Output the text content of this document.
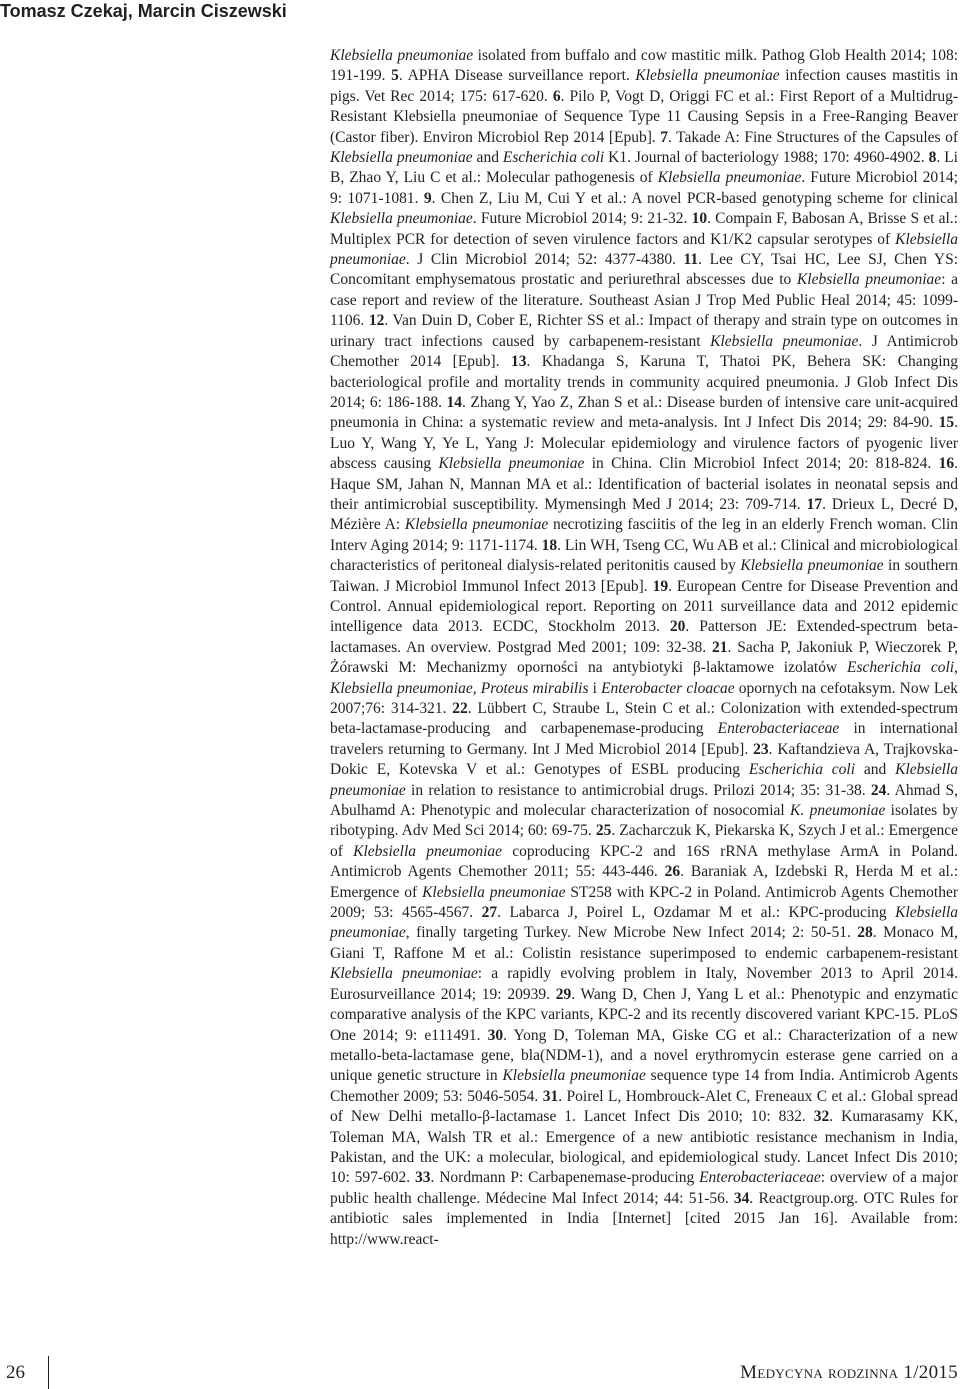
Tomasz Czekaj, Marcin Ciszewski
Klebsiella pneumoniae isolated from buffalo and cow mastitic milk. Pathog Glob Health 2014; 108: 191-199. 5. APHA Disease surveillance report. Klebsiella pneumoniae infection causes mastitis in pigs. Vet Rec 2014; 175: 617-620. 6. Pilo P, Vogt D, Origgi FC et al.: First Report of a Multidrug-Resistant Klebsiella pneumoniae of Sequence Type 11 Causing Sepsis in a Free-Ranging Beaver (Castor fiber). Environ Microbiol Rep 2014 [Epub]. 7. Takade A: Fine Structures of the Capsules of Klebsiella pneumoniae and Escherichia coli K1. Journal of bacteriology 1988; 170: 4960-4902. 8. Li B, Zhao Y, Liu C et al.: Molecular pathogenesis of Klebsiella pneumoniae. Future Microbiol 2014; 9: 1071-1081. 9. Chen Z, Liu M, Cui Y et al.: A novel PCR-based genotyping scheme for clinical Klebsiella pneumoniae. Future Microbiol 2014; 9: 21-32. 10. Compain F, Babosan A, Brisse S et al.: Multiplex PCR for detection of seven virulence factors and K1/K2 capsular serotypes of Klebsiella pneumoniae. J Clin Microbiol 2014; 52: 4377-4380. 11. Lee CY, Tsai HC, Lee SJ, Chen YS: Concomitant emphysematous prostatic and periurethral abscesses due to Klebsiella pneumoniae: a case report and review of the literature. Southeast Asian J Trop Med Public Heal 2014; 45: 1099-1106. 12. Van Duin D, Cober E, Richter SS et al.: Impact of therapy and strain type on outcomes in urinary tract infections caused by carbapenem-resistant Klebsiella pneumoniae. J Antimicrob Chemother 2014 [Epub]. 13. Khadanga S, Karuna T, Thatoi PK, Behera SK: Changing bacteriological profile and mortality trends in community acquired pneumonia. J Glob Infect Dis 2014; 6: 186-188. 14. Zhang Y, Yao Z, Zhan S et al.: Disease burden of intensive care unit-acquired pneumonia in China: a systematic review and meta-analysis. Int J Infect Dis 2014; 29: 84-90. 15. Luo Y, Wang Y, Ye L, Yang J: Molecular epidemiology and virulence factors of pyogenic liver abscess causing Klebsiella pneumoniae in China. Clin Microbiol Infect 2014; 20: 818-824. 16. Haque SM, Jahan N, Mannan MA et al.: Identification of bacterial isolates in neonatal sepsis and their antimicrobial susceptibility. Mymensingh Med J 2014; 23: 709-714. 17. Drieux L, Decré D, Mézière A: Klebsiella pneumoniae necrotizing fasciitis of the leg in an elderly French woman. Clin Interv Aging 2014; 9: 1171-1174. 18. Lin WH, Tseng CC, Wu AB et al.: Clinical and microbiological characteristics of peritoneal dialysis-related peritonitis caused by Klebsiella pneumoniae in southern Taiwan. J Microbiol Immunol Infect 2013 [Epub]. 19. European Centre for Disease Prevention and Control. Annual epidemiological report. Reporting on 2011 surveillance data and 2012 epidemic intelligence data 2013. ECDC, Stockholm 2013. 20. Patterson JE: Extended-spectrum beta-lactamases. An overview. Postgrad Med 2001; 109: 32-38. 21. Sacha P, Jakoniuk P, Wieczorek P, Żórawski M: Mechanizmy oporności na antybiotyki β-laktamowe izolatów Escherichia coli, Klebsiella pneumoniae, Proteus mirabilis i Enterobacter cloacae opornych na cefotaksym. Now Lek 2007;76: 314-321. 22. Lübbert C, Straube L, Stein C et al.: Colonization with extended-spectrum beta-lactamase-producing and carbapenemase-producing Enterobacteriaceae in international travelers returning to Germany. Int J Med Microbiol 2014 [Epub]. 23. Kaftandzieva A, Trajkovska-Dokic E, Kotevska V et al.: Genotypes of ESBL producing Escherichia coli and Klebsiella pneumoniae in relation to resistance to antimicrobial drugs. Prilozi 2014; 35: 31-38. 24. Ahmad S, Abulhamd A: Phenotypic and molecular characterization of nosocomial K. pneumoniae isolates by ribotyping. Adv Med Sci 2014; 60: 69-75. 25. Zacharczuk K, Piekarska K, Szych J et al.: Emergence of Klebsiella pneumoniae coproducing KPC-2 and 16S rRNA methylase ArmA in Poland. Antimicrob Agents Chemother 2011; 55: 443-446. 26. Baraniak A, Izdebski R, Herda M et al.: Emergence of Klebsiella pneumoniae ST258 with KPC-2 in Poland. Antimicrob Agents Chemother 2009; 53: 4565-4567. 27. Labarca J, Poirel L, Ozdamar M et al.: KPC-producing Klebsiella pneumoniae, finally targeting Turkey. New Microbe New Infect 2014; 2: 50-51. 28. Monaco M, Giani T, Raffone M et al.: Colistin resistance superimposed to endemic carbapenem-resistant Klebsiella pneumoniae: a rapidly evolving problem in Italy, November 2013 to April 2014. Eurosurveillance 2014; 19: 20939. 29. Wang D, Chen J, Yang L et al.: Phenotypic and enzymatic comparative analysis of the KPC variants, KPC-2 and its recently discovered variant KPC-15. PLoS One 2014; 9: e111491. 30. Yong D, Toleman MA, Giske CG et al.: Characterization of a new metallo-beta-lactamase gene, bla(NDM-1), and a novel erythromycin esterase gene carried on a unique genetic structure in Klebsiella pneumoniae sequence type 14 from India. Antimicrob Agents Chemother 2009; 53: 5046-5054. 31. Poirel L, Hombrouck-Alet C, Freneaux C et al.: Global spread of New Delhi metallo-β-lactamase 1. Lancet Infect Dis 2010; 10: 832. 32. Kumarasamy KK, Toleman MA, Walsh TR et al.: Emergence of a new antibiotic resistance mechanism in India, Pakistan, and the UK: a molecular, biological, and epidemiological study. Lancet Infect Dis 2010; 10: 597-602. 33. Nordmann P: Carbapenemase-producing Enterobacteriaceae: overview of a major public health challenge. Médecine Mal Infect 2014; 44: 51-56. 34. Reactgroup.org. OTC Rules for antibiotic sales implemented in India [Internet] [cited 2015 Jan 16]. Available from: http://www.react-
26	Medycyna rodzinna 1/2015
